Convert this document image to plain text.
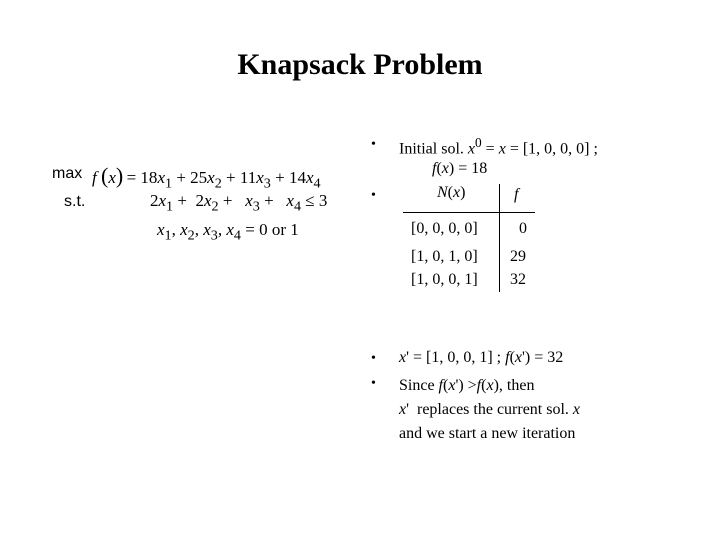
Knapsack Problem
max
s.t.
f $(x) = 18x_1 + 25x_2 + 11x_3 + 14x_4$
$2x_1 + 2x_2 + x_3 + x_4 \le 3$
$x_1$, $x_2$, $x_3$, $x_4 = 0$ or 1
• Initial sol. $x^0 = x = [1$, 0, 0, 0] ;
f(x) = 18
•	N(x)	f
[0, 0, 0, 0]	0
[1, 0, 1, 0] 29
[1, 0, 0, 1] 32
• x' = [1, 0, 0, 1] ; f(x') = 32
• Since f(x') >f(x), then
x'  replaces the current sol. x
and we start a new iteration
